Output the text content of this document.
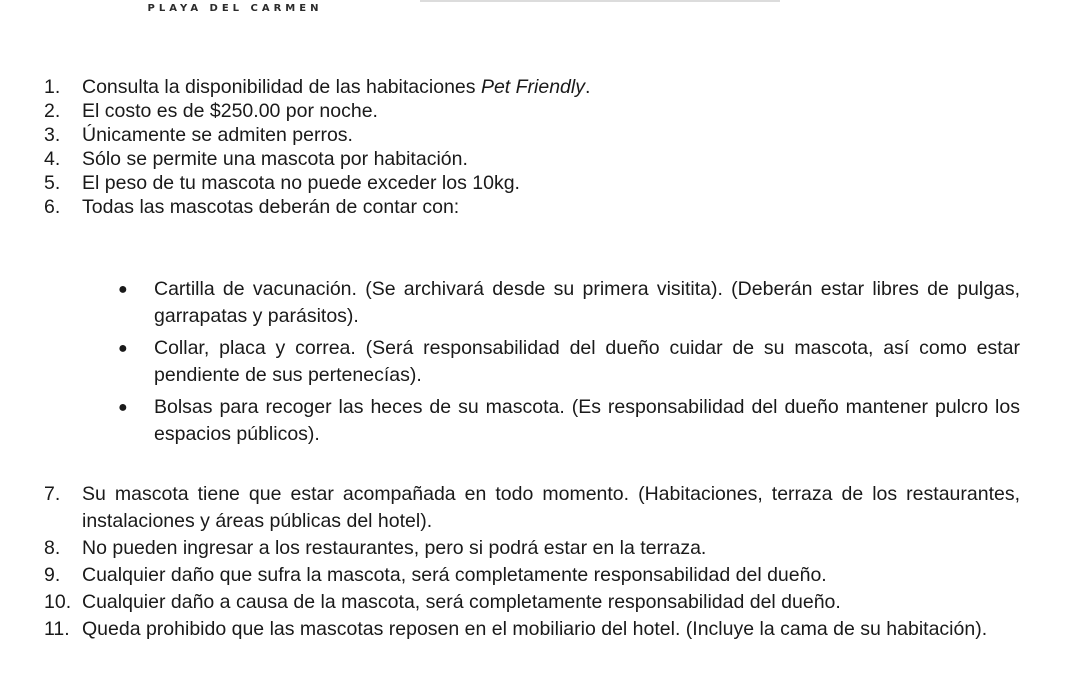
PLAYA DEL CARMEN
1.	Consulta la disponibilidad de las habitaciones Pet Friendly.
2.	El costo es de $250.00 por noche.
3.	Únicamente se admiten perros.
4.	Sólo se permite una mascota por habitación.
5.	El peso de tu mascota no puede exceder los 10kg.
6.	Todas las mascotas deberán de contar con:
●	Cartilla de vacunación. (Se archivará desde su primera visitita). (Deberán estar libres de pulgas, garrapatas y parásitos).
●	Collar, placa y correa. (Será responsabilidad del dueño cuidar de su mascota, así como estar pendiente de sus pertenecías).
●	Bolsas para recoger las heces de su mascota. (Es responsabilidad del dueño mantener pulcro los espacios públicos).
7.	Su mascota tiene que estar acompañada en todo momento. (Habitaciones, terraza de los restaurantes, instalaciones y áreas públicas del hotel).
8.	No pueden ingresar a los restaurantes, pero si podrá estar en la terraza.
9.	Cualquier daño que sufra la mascota, será completamente responsabilidad del dueño.
10. Cualquier daño a causa de la mascota, será completamente responsabilidad del dueño.
11. Queda prohibido que las mascotas reposen en el mobiliario del hotel. (Incluye la cama de su habitación).
